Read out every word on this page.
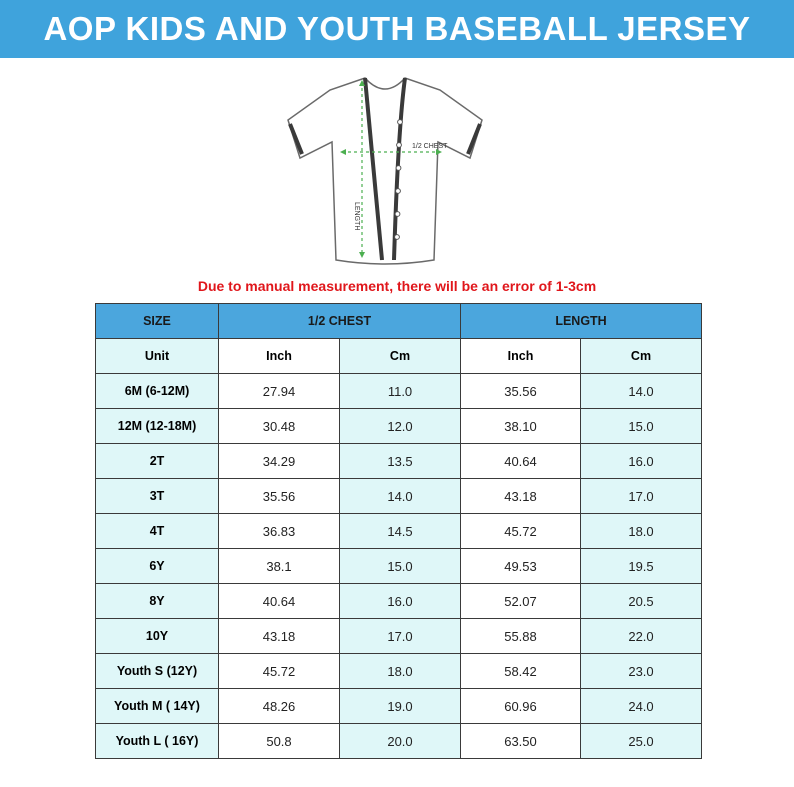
AOP KIDS AND YOUTH BASEBALL JERSEY
1/2 CHEST
LENGTH
Due to manual measurement, there will be an error of 1-3cm
SIZE	1/2 CHEST		LENGTH	
Unit	Inch	Cm	Inch	Cm
6M (6-12M)	27.94	11.0	35.56	14.0
12M (12-18M)	30.48	12.0	38.10	15.0
2T	34.29	13.5	40.64	16.0
3T	35.56	14.0	43.18	17.0
4T	36.83	14.5	45.72	18.0
6Y	38.1	15.0	49.53	19.5
8Y	40.64	16.0	52.07	20.5
10Y	43.18	17.0	55.88	22.0
Youth S (12Y)	45.72	18.0	58.42	23.0
Youth M ( 14Y)	48.26	19.0	60.96	24.0
Youth L ( 16Y)	50.8	20.0	63.50	25.0
